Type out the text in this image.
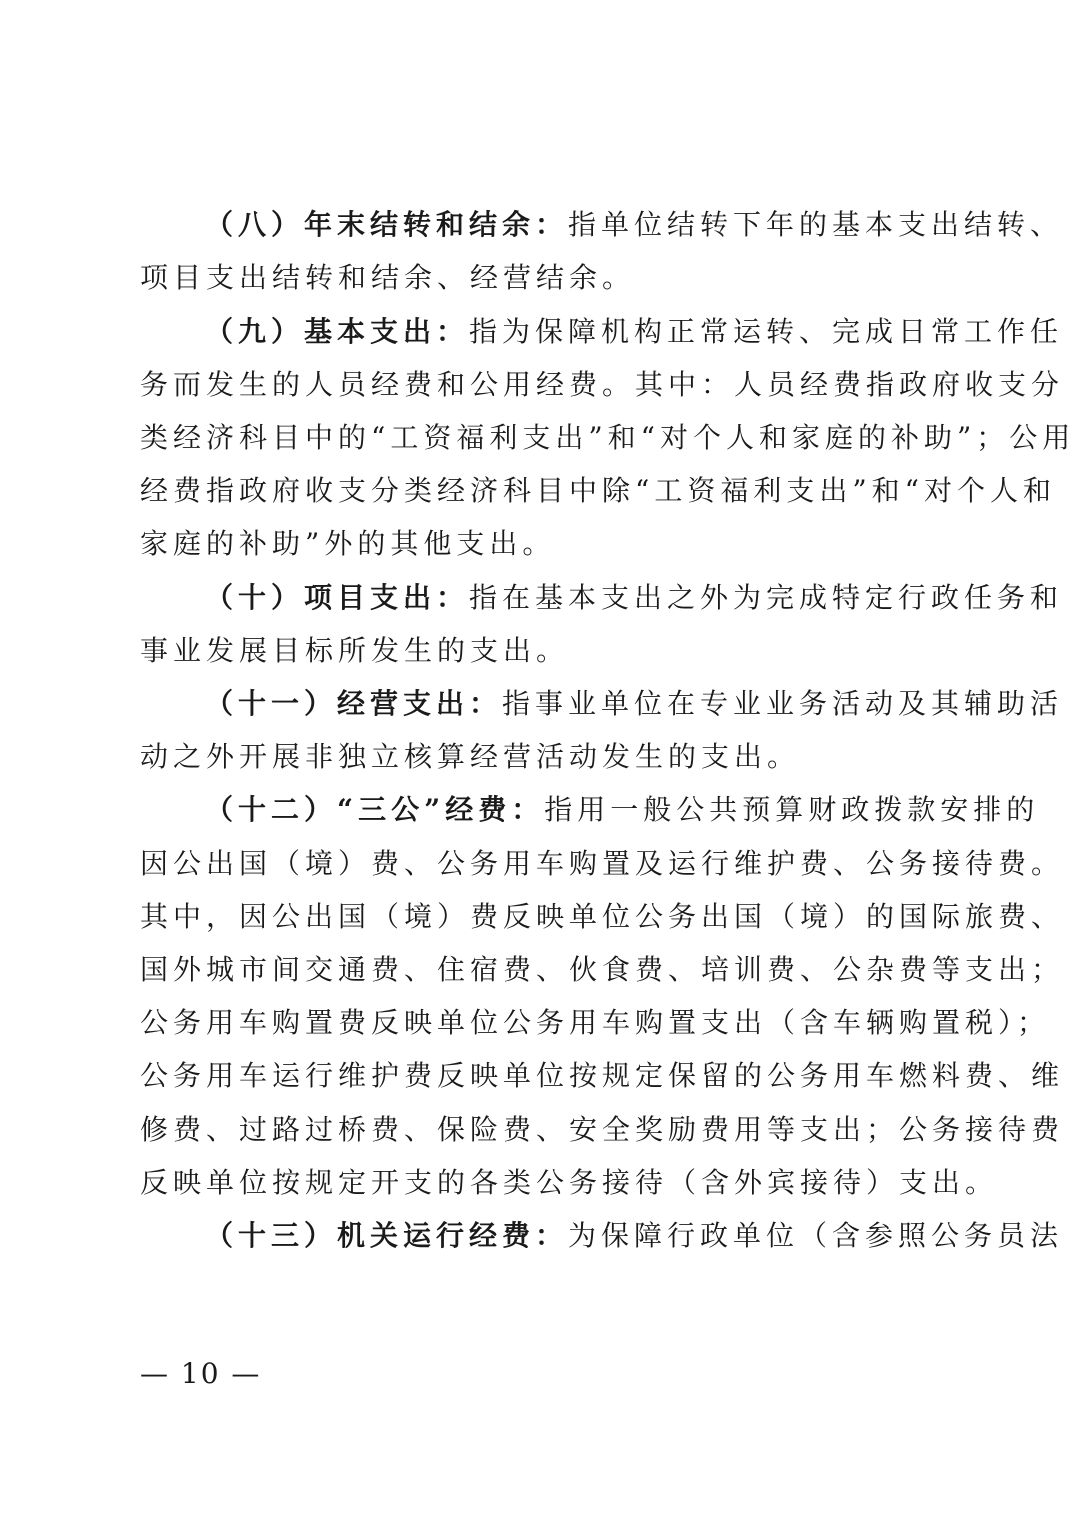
（八）年末结转和结余：指单位结转下年的基本支出结转、
项目支出结转和结余、经营结余。
（九）基本支出：指为保障机构正常运转、完成日常工作任
务而发生的人员经费和公用经费。其中：人员经费指政府收支分
类经济科目中的“工资福利支出”和“对个人和家庭的补助”；公用
经费指政府收支分类经济科目中除“工资福利支出”和“对个人和
家庭的补助”外的其他支出。
（十）项目支出：指在基本支出之外为完成特定行政任务和
事业发展目标所发生的支出。
（十一）经营支出：指事业单位在专业业务活动及其辅助活
动之外开展非独立核算经营活动发生的支出。
（十二）“三公”经费：指用一般公共预算财政拨款安排的
因公出国（境）费、公务用车购置及运行维护费、公务接待费。
其中，因公出国（境）费反映单位公务出国（境）的国际旅费、
国外城市间交通费、住宿费、伙食费、培训费、公杂费等支出；
公务用车购置费反映单位公务用车购置支出（含车辆购置税）；
公务用车运行维护费反映单位按规定保留的公务用车燃料费、维
修费、过路过桥费、保险费、安全奖励费用等支出；公务接待费
反映单位按规定开支的各类公务接待（含外宾接待）支出。
（十三）机关运行经费：为保障行政单位（含参照公务员法
— 10 —
